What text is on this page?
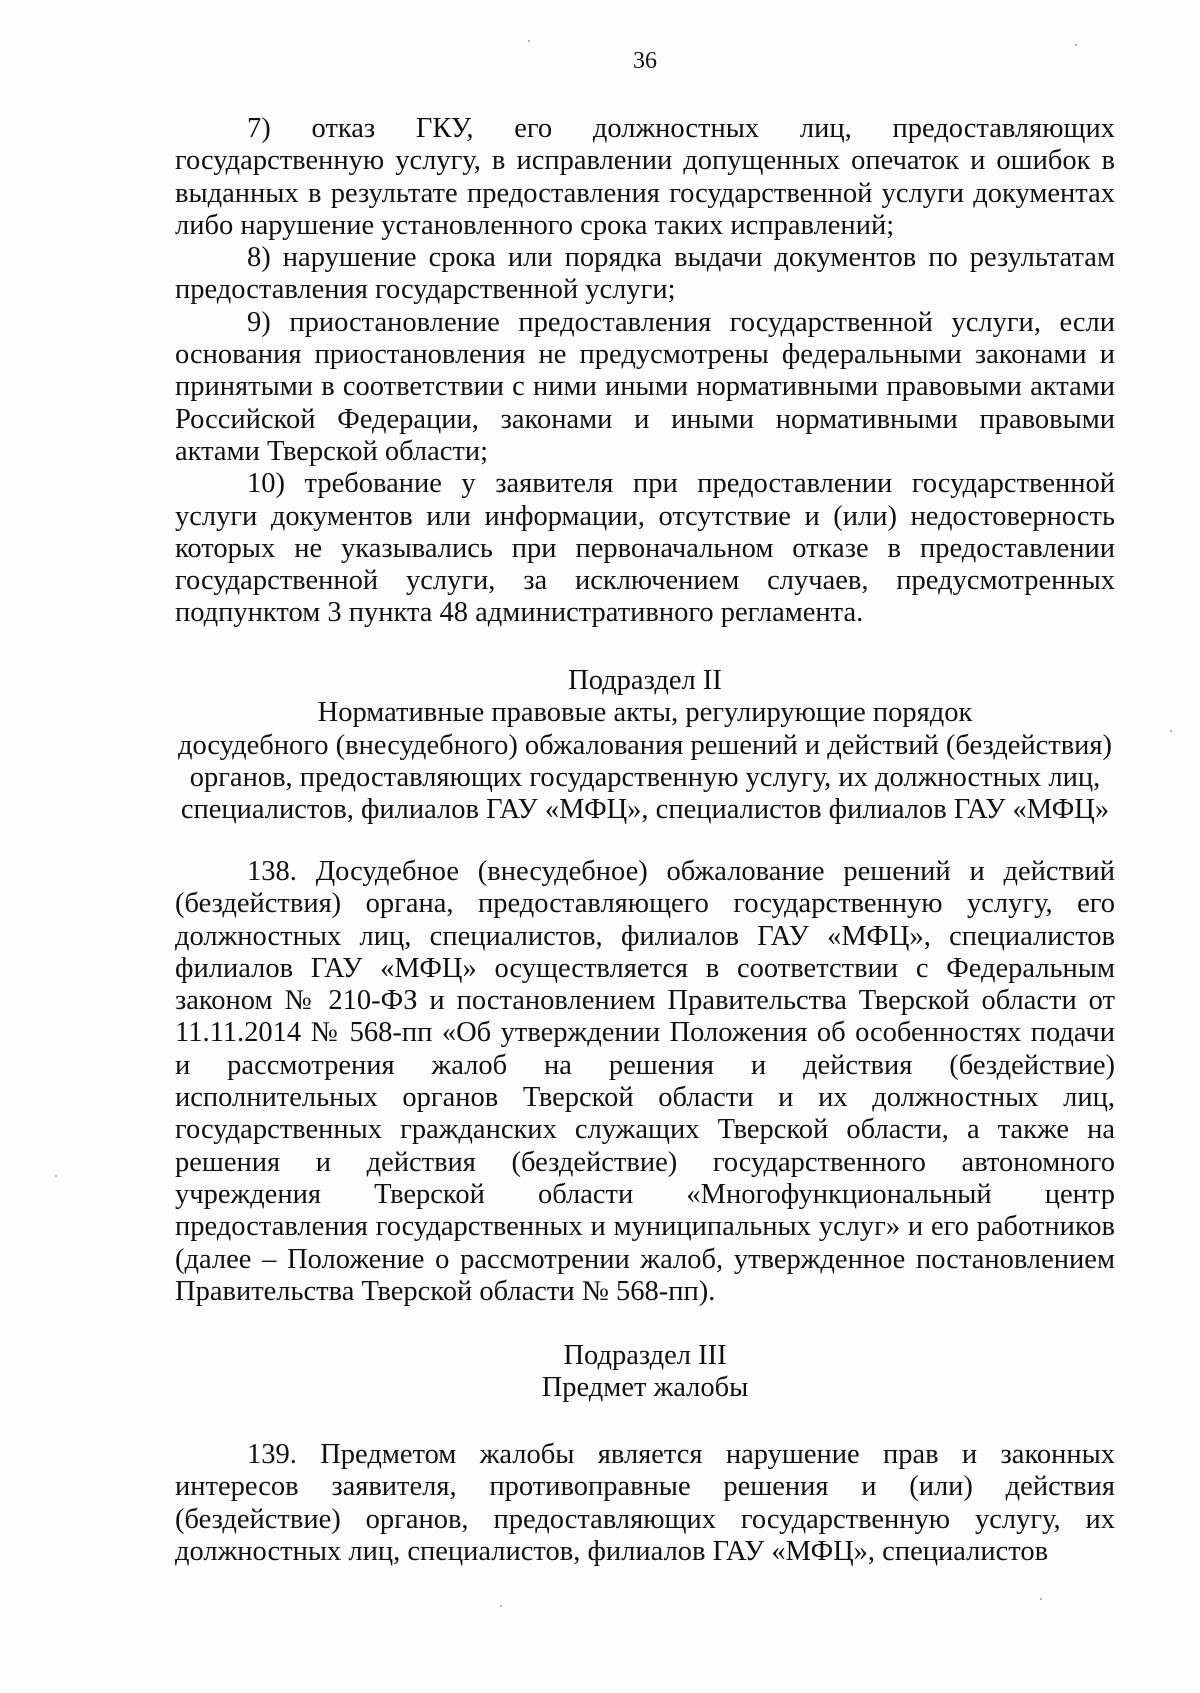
36

7) отказ ГКУ, его должностных лиц, предоставляющих государственную услугу, в исправлении допущенных опечаток и ошибок в выданных в результате предоставления государственной услуги документах либо нарушение установленного срока таких исправлений;

8) нарушение срока или порядка выдачи документов по результатам предоставления государственной услуги;

9) приостановление предоставления государственной услуги, если основания приостановления не предусмотрены федеральными законами и принятыми в соответствии с ними иными нормативными правовыми актами Российской Федерации, законами и иными нормативными правовыми актами Тверской области;

10) требование у заявителя при предоставлении государственной услуги документов или информации, отсутствие и (или) недостоверность которых не указывались при первоначальном отказе в предоставлении государственной услуги, за исключением случаев, предусмотренных подпунктом 3 пункта 48 административного регламента.

Подраздел II
Нормативные правовые акты, регулирующие порядок
досудебного (внесудебного) обжалования решений и действий (бездействия)
органов, предоставляющих государственную услугу, их должностных лиц,
специалистов, филиалов ГАУ «МФЦ», специалистов филиалов ГАУ «МФЦ»

138. Досудебное (внесудебное) обжалование решений и действий (бездействия) органа, предоставляющего государственную услугу, его должностных лиц, специалистов, филиалов ГАУ «МФЦ», специалистов филиалов ГАУ «МФЦ» осуществляется в соответствии с Федеральным законом № 210-ФЗ и постановлением Правительства Тверской области от 11.11.2014 № 568-пп «Об утверждении Положения об особенностях подачи и рассмотрения жалоб на решения и действия (бездействие) исполнительных органов Тверской области и их должностных лиц, государственных гражданских служащих Тверской области, а также на решения и действия (бездействие) государственного автономного учреждения Тверской области «Многофункциональный центр предоставления государственных и муниципальных услуг» и его работников (далее – Положение о рассмотрении жалоб, утвержденное постановлением Правительства Тверской области № 568-пп).

Подраздел III
Предмет жалобы

139. Предметом жалобы является нарушение прав и законных интересов заявителя, противоправные решения и (или) действия (бездействие) органов, предоставляющих государственную услугу, их должностных лиц, специалистов, филиалов ГАУ «МФЦ», специалистов
